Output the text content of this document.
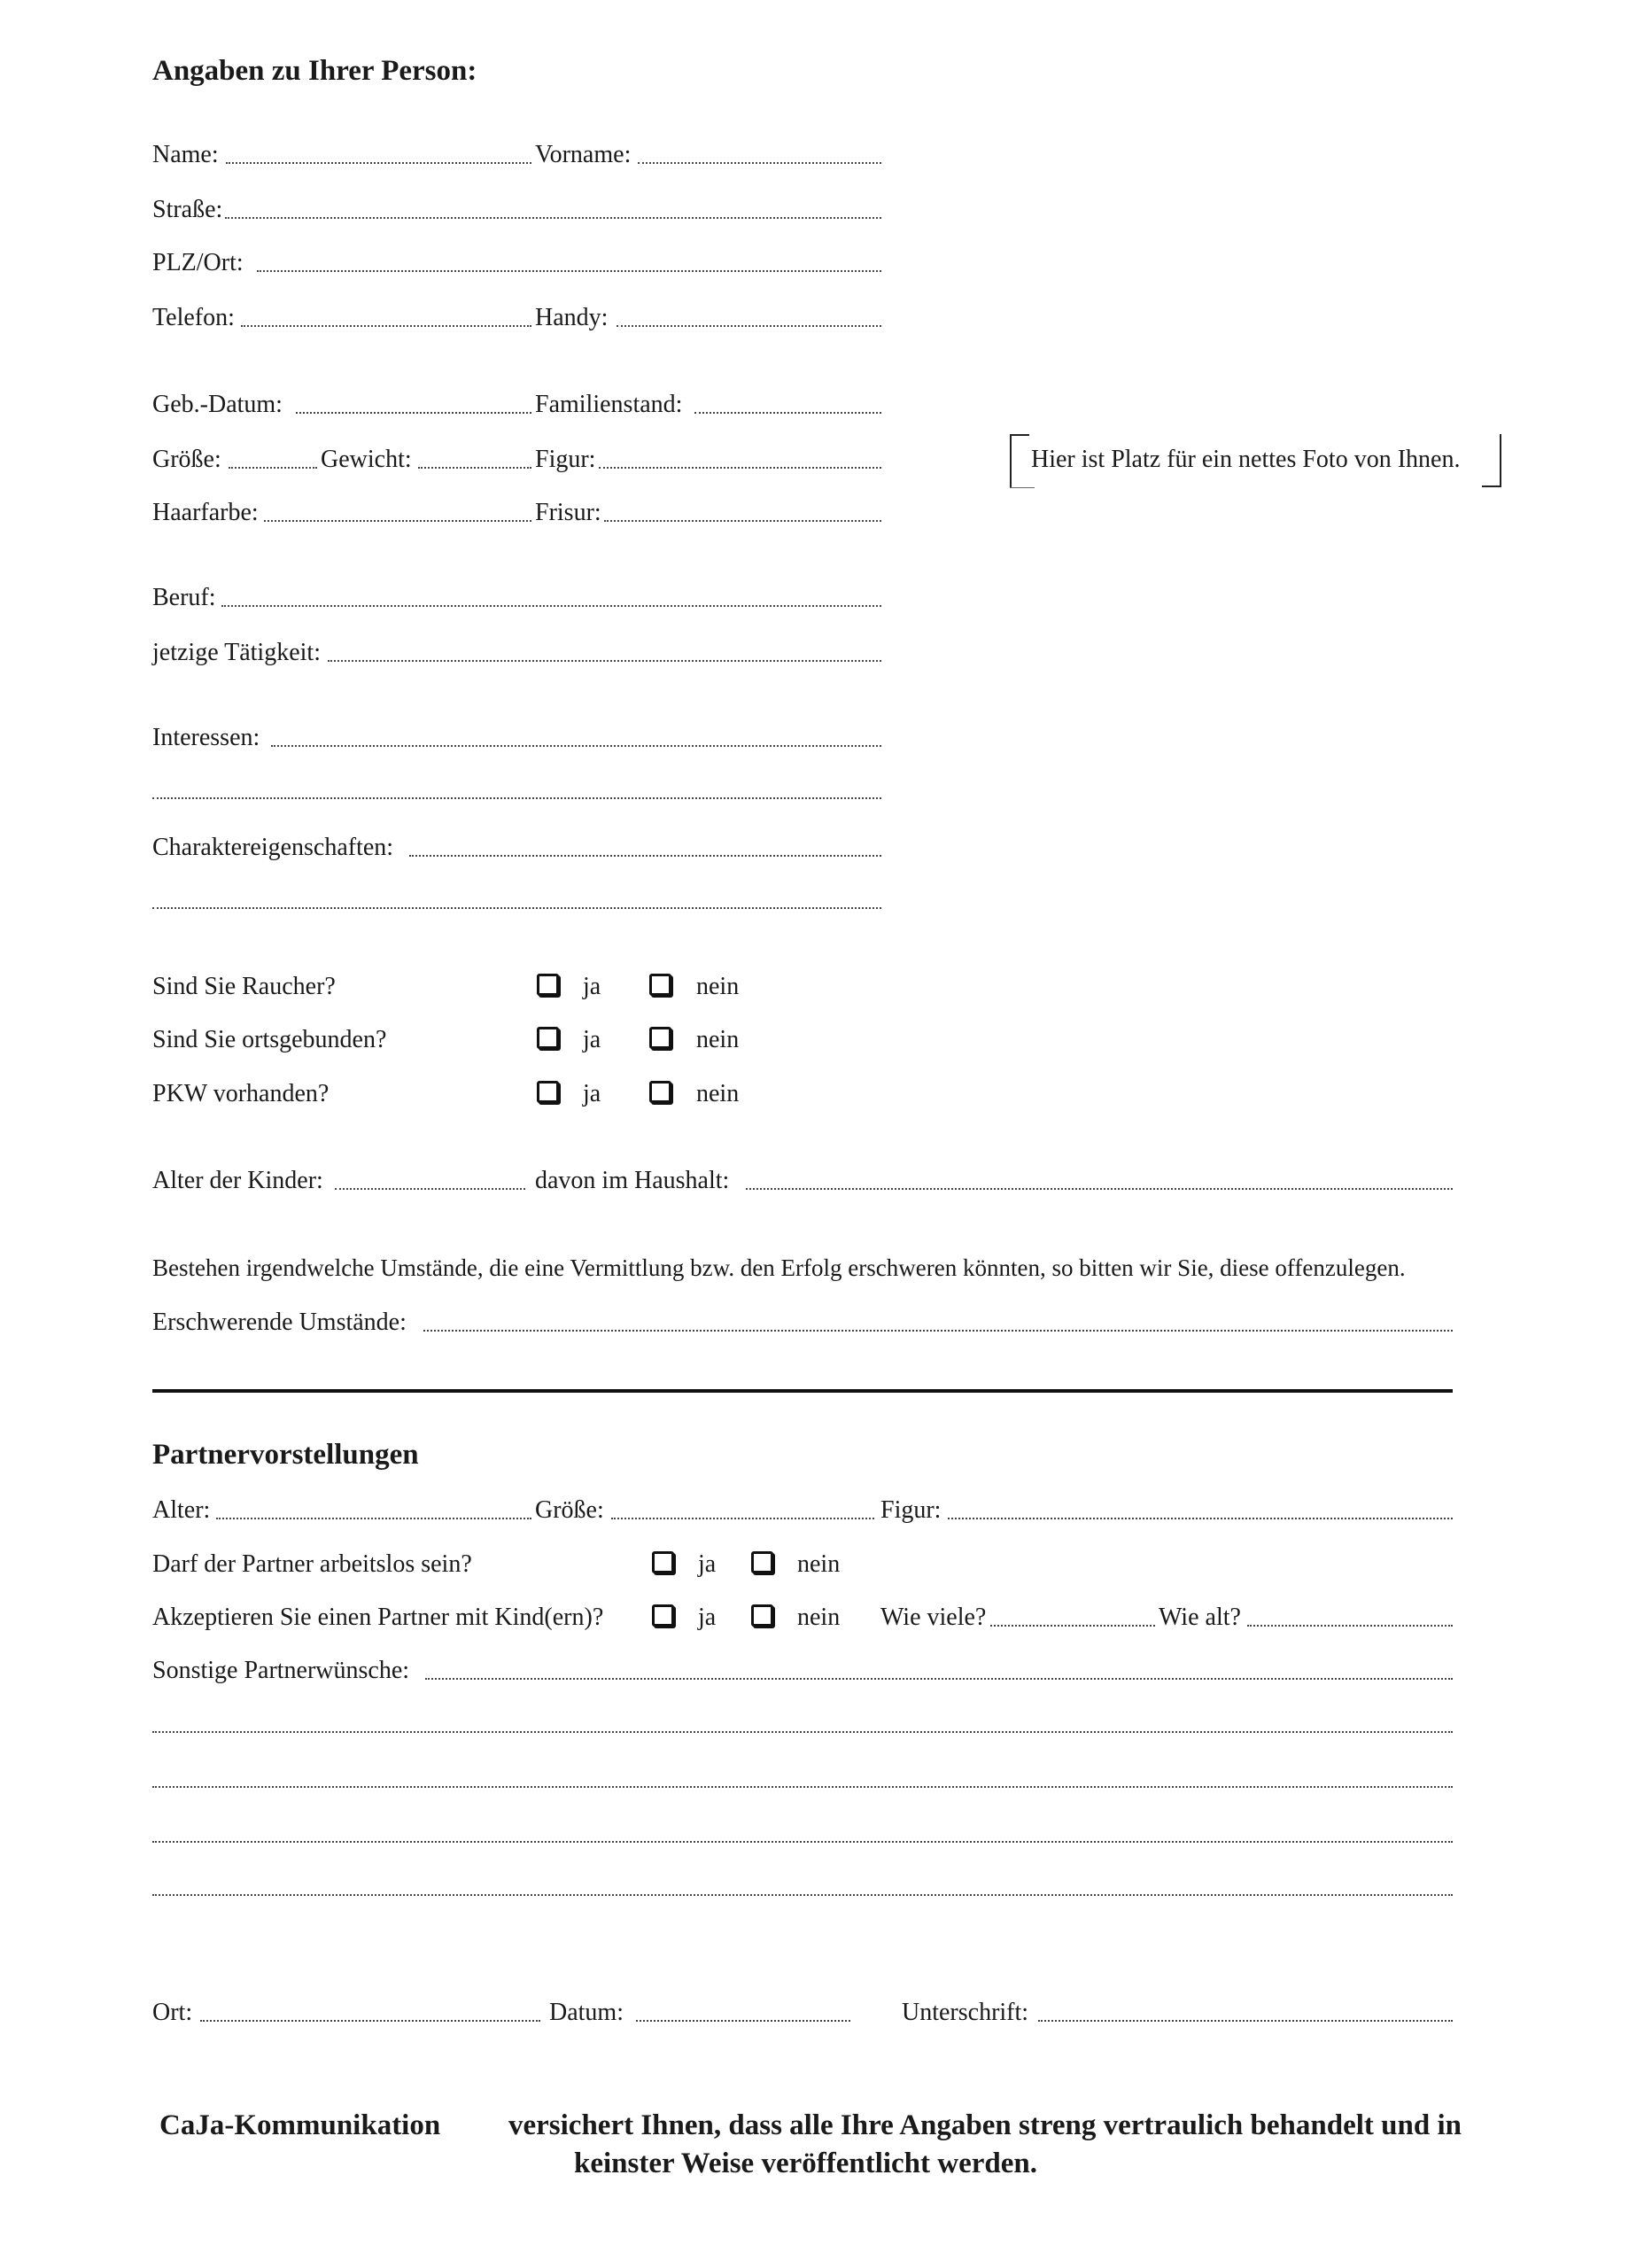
Angaben zu Ihrer Person:
Name:	Vorname:
Straße:
PLZ/Ort:
Telefon:	Handy:
Geb.-Datum:	Familienstand:
Größe:	Gewicht:	Figur:
Haarfarbe:	Frisur:
Hier ist Platz für ein nettes Foto von Ihnen.
Beruf:
jetzige Tätigkeit:
Interessen:
Charaktereigenschaften:
Sind Sie Raucher?	ja	nein
Sind Sie ortsgebunden?	ja	nein
PKW vorhanden?	ja	nein
Alter der Kinder:	davon im Haushalt:
Bestehen irgendwelche Umstände, die eine Vermittlung bzw. den Erfolg erschweren könnten, so bitten wir Sie, diese offenzulegen.
Erschwerende Umstände:
Partnervorstellungen
Alter:	Größe:	Figur:
Darf der Partner arbeitslos sein?	ja	nein
Akzeptieren Sie einen Partner mit Kind(ern)?	ja	nein Wie viele?	Wie alt?
Sonstige Partnerwünsche:
Ort:	Datum:	Unterschrift:
CaJa-Kommunikation versichert Ihnen, dass alle Ihre Angaben streng vertraulich behandelt und in
keinster Weise veröffentlicht werden.
